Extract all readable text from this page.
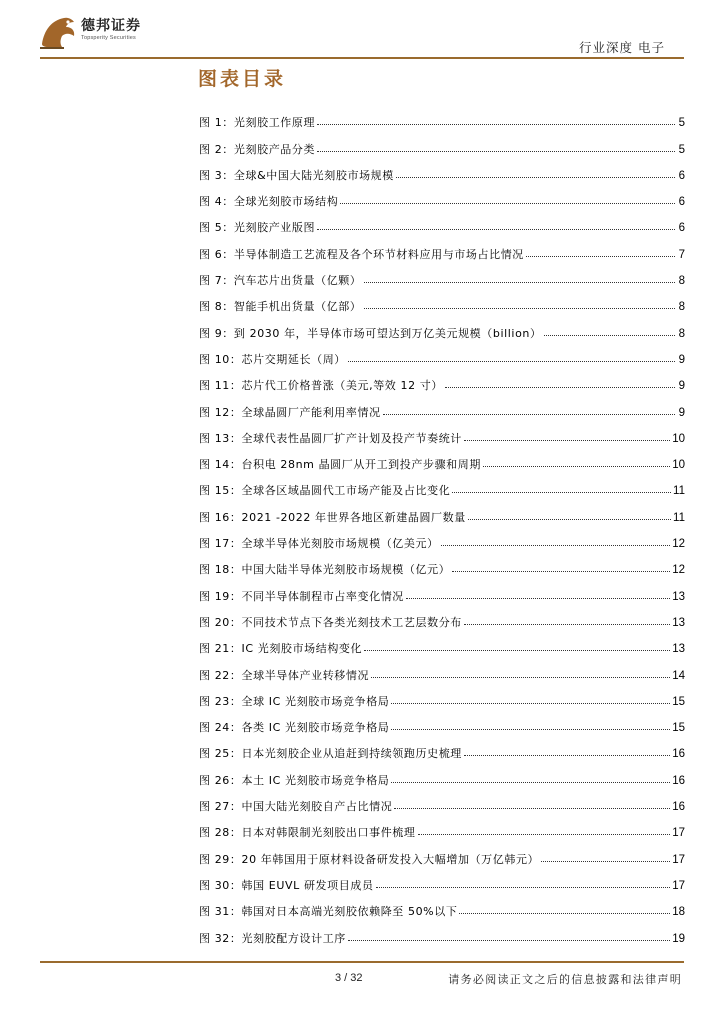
德邦证券
Topsperity Securities
行业深度 电子
图表目录
图 1：光刻胶工作原理	5
图 2：光刻胶产品分类	5
图 3：全球&中国大陆光刻胶市场规模	6
图 4：全球光刻胶市场结构	6
图 5：光刻胶产业版图	6
图 6：半导体制造工艺流程及各个环节材料应用与市场占比情况	7
图 7：汽车芯片出货量（亿颗）	8
图 8：智能手机出货量（亿部）	8
图 9：到 2030 年，半导体市场可望达到万亿美元规模（billion）	8
图 10：芯片交期延长（周）	9
图 11：芯片代工价格普涨（美元,等效 12 寸）	9
图 12：全球晶圆厂产能利用率情况	9
图 13：全球代表性晶圆厂扩产计划及投产节奏统计	10
图 14：台积电 28nm 晶圆厂从开工到投产步骤和周期	10
图 15：全球各区域晶圆代工市场产能及占比变化	11
图 16：2021 -2022 年世界各地区新建晶圆厂数量	11
图 17：全球半导体光刻胶市场规模（亿美元）	12
图 18：中国大陆半导体光刻胶市场规模（亿元）	12
图 19：不同半导体制程市占率变化情况	13
图 20：不同技术节点下各类光刻技术工艺层数分布	13
图 21：IC 光刻胶市场结构变化	13
图 22：全球半导体产业转移情况	14
图 23：全球 IC 光刻胶市场竞争格局	15
图 24：各类 IC 光刻胶市场竞争格局	15
图 25：日本光刻胶企业从追赶到持续领跑历史梳理	16
图 26：本土 IC 光刻胶市场竞争格局	16
图 27：中国大陆光刻胶自产占比情况	16
图 28：日本对韩限制光刻胶出口事件梳理	17
图 29：20 年韩国用于原材料设备研发投入大幅增加（万亿韩元）	17
图 30：韩国 EUVL 研发项目成员	17
图 31：韩国对日本高端光刻胶依赖降至 50%以下	18
图 32：光刻胶配方设计工序	19
3 / 32	请务必阅读正文之后的信息披露和法律声明
